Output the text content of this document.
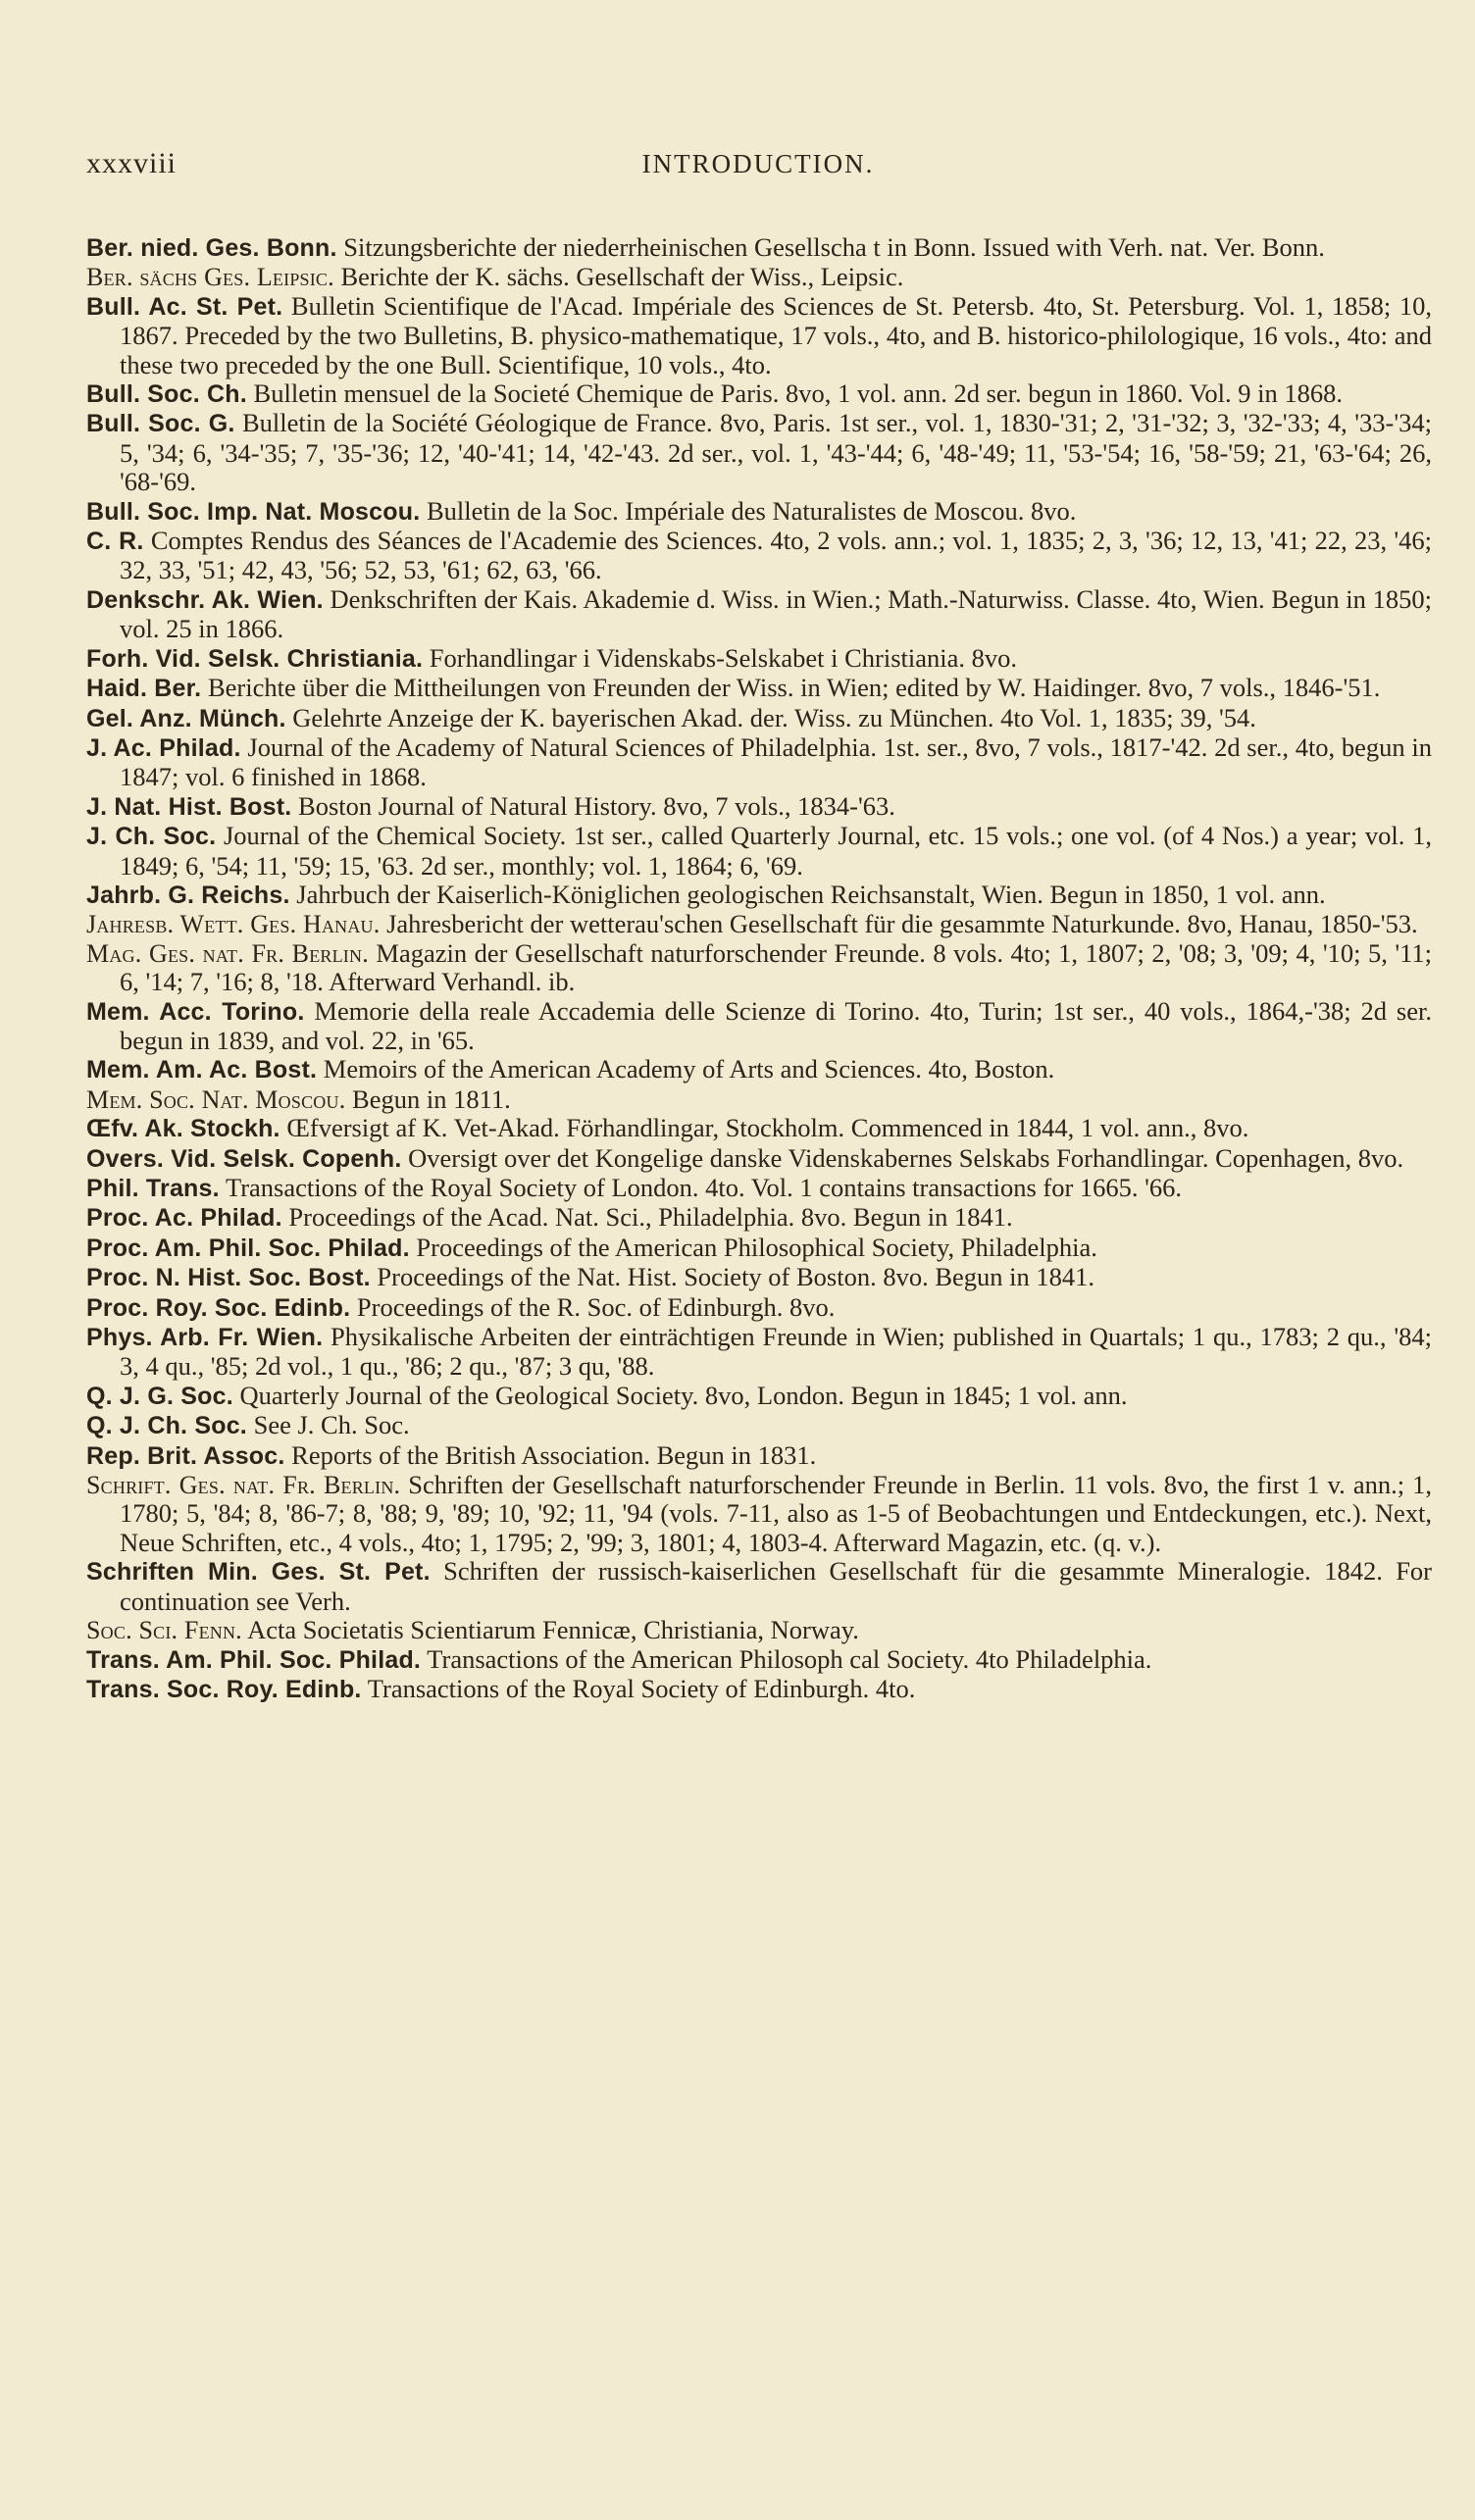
xxxviii	INTRODUCTION.

Ber. nied. Ges. Bonn. Sitzungsberichte der niederrheinischen Gesellscha t in Bonn. Issued with Verh. nat. Ver. Bonn.

Ber. sächs Ges. Leipsic. Berichte der K. sächs. Gesellschaft der Wiss., Leipsic.

Bull. Ac. St. Pet. Bulletin Scientifique de l'Acad. Impériale des Sciences de St. Petersb. 4to, St. Petersburg. Vol. 1, 1858; 10, 1867. Preceded by the two Bulletins, B. physico-mathematique, 17 vols., 4to, and B. historico-philologique, 16 vols., 4to: and these two preceded by the one Bull. Scientifique, 10 vols., 4to.

Bull. Soc. Ch. Bulletin mensuel de la Societé Chemique de Paris. 8vo, 1 vol. ann. 2d ser. begun in 1860. Vol. 9 in 1868.

Bull. Soc. G. Bulletin de la Société Géologique de France. 8vo, Paris. 1st ser., vol. 1, 1830-'31; 2, '31-'32; 3, '32-'33; 4, '33-'34; 5, '34; 6, '34-'35; 7, '35-'36; 12, '40-'41; 14, '42-'43. 2d ser., vol. 1, '43-'44; 6, '48-'49; 11, '53-'54; 16, '58-'59; 21, '63-'64; 26, '68-'69.

Bull. Soc. Imp. Nat. Moscou. Bulletin de la Soc. Impériale des Naturalistes de Moscou. 8vo.

C. R. Comptes Rendus des Séances de l'Academie des Sciences. 4to, 2 vols. ann.; vol. 1, 1835; 2, 3, '36; 12, 13, '41; 22, 23, '46; 32, 33, '51; 42, 43, '56; 52, 53, '61; 62, 63, '66.

Denkschr. Ak. Wien. Denkschriften der Kais. Akademie d. Wiss. in Wien.; Math.-Naturwiss. Classe. 4to, Wien. Begun in 1850; vol. 25 in 1866.

Forh. Vid. Selsk. Christiania. Forhandlingar i Videnskabs-Selskabet i Christiania. 8vo.

Haid. Ber. Berichte über die Mittheilungen von Freunden der Wiss. in Wien; edited by W. Haidinger. 8vo, 7 vols., 1846-'51.

Gel. Anz. Münch. Gelehrte Anzeige der K. bayerischen Akad. der. Wiss. zu München. 4to Vol. 1, 1835; 39, '54.

J. Ac. Philad. Journal of the Academy of Natural Sciences of Philadelphia. 1st. ser., 8vo, 7 vols., 1817-'42. 2d ser., 4to, begun in 1847; vol. 6 finished in 1868.

J. Nat. Hist. Bost. Boston Journal of Natural History. 8vo, 7 vols., 1834-'63.

J. Ch. Soc. Journal of the Chemical Society. 1st ser., called Quarterly Journal, etc. 15 vols.; one vol. (of 4 Nos.) a year; vol. 1, 1849; 6, '54; 11, '59; 15, '63. 2d ser., monthly; vol. 1, 1864; 6, '69.

Jahrb. G. Reichs. Jahrbuch der Kaiserlich-Königlichen geologischen Reichsanstalt, Wien. Begun in 1850, 1 vol. ann.

Jahresb. Wett. Ges. Hanau. Jahresbericht der wetterau'schen Gesellschaft für die gesammte Naturkunde. 8vo, Hanau, 1850-'53.

Mag. Ges. nat. Fr. Berlin. Magazin der Gesellschaft naturforschender Freunde. 8 vols. 4to; 1, 1807; 2, '08; 3, '09; 4, '10; 5, '11; 6, '14; 7, '16; 8, '18. Afterward Verhandl. ib.

Mem. Acc. Torino. Memorie della reale Accademia delle Scienze di Torino. 4to, Turin; 1st ser., 40 vols., 1864,-'38; 2d ser. begun in 1839, and vol. 22, in '65.

Mem. Am. Ac. Bost. Memoirs of the American Academy of Arts and Sciences. 4to, Boston.

Mem. Soc. Nat. Moscou. Begun in 1811.

Œfv. Ak. Stockh. Œfversigt af K. Vet-Akad. Förhandlingar, Stockholm. Commenced in 1844, 1 vol. ann., 8vo.

Overs. Vid. Selsk. Copenh. Oversigt over det Kongelige danske Videnskabernes Selskabs Forhandlingar. Copenhagen, 8vo.

Phil. Trans. Transactions of the Royal Society of London. 4to. Vol. 1 contains transactions for 1665. '66.

Proc. Ac. Philad. Proceedings of the Acad. Nat. Sci., Philadelphia. 8vo. Begun in 1841.

Proc. Am. Phil. Soc. Philad. Proceedings of the American Philosophical Society, Philadelphia.

Proc. N. Hist. Soc. Bost. Proceedings of the Nat. Hist. Society of Boston. 8vo. Begun in 1841.

Proc. Roy. Soc. Edinb. Proceedings of the R. Soc. of Edinburgh. 8vo.

Phys. Arb. Fr. Wien. Physikalische Arbeiten der einträchtigen Freunde in Wien; published in Quartals; 1 qu., 1783; 2 qu., '84; 3, 4 qu., '85; 2d vol., 1 qu., '86; 2 qu., '87; 3 qu, '88.

Q. J. G. Soc. Quarterly Journal of the Geological Society. 8vo, London. Begun in 1845; 1 vol. ann.

Q. J. Ch. Soc. See J. Ch. Soc.

Rep. Brit. Assoc. Reports of the British Association. Begun in 1831.

Schrift. Ges. nat. Fr. Berlin. Schriften der Gesellschaft naturforschender Freunde in Berlin. 11 vols. 8vo, the first 1 v. ann.; 1, 1780; 5, '84; 8, '86-7; 8, '88; 9, '89; 10, '92; 11, '94 (vols. 7-11, also as 1-5 of Beobachtungen und Entdeckungen, etc.). Next, Neue Schriften, etc., 4 vols., 4to; 1, 1795; 2, '99; 3, 1801; 4, 1803-4. Afterward Magazin, etc. (q. v.).

Schriften Min. Ges. St. Pet. Schriften der russisch-kaiserlichen Gesellschaft für die gesammte Mineralogie. 1842. For continuation see Verh.

Soc. Sci. Fenn. Acta Societatis Scientiarum Fennicæ, Christiania, Norway.

Trans. Am. Phil. Soc. Philad. Transactions of the American Philosoph cal Society. 4to Philadelphia.

Trans. Soc. Roy. Edinb. Transactions of the Royal Society of Edinburgh. 4to.
